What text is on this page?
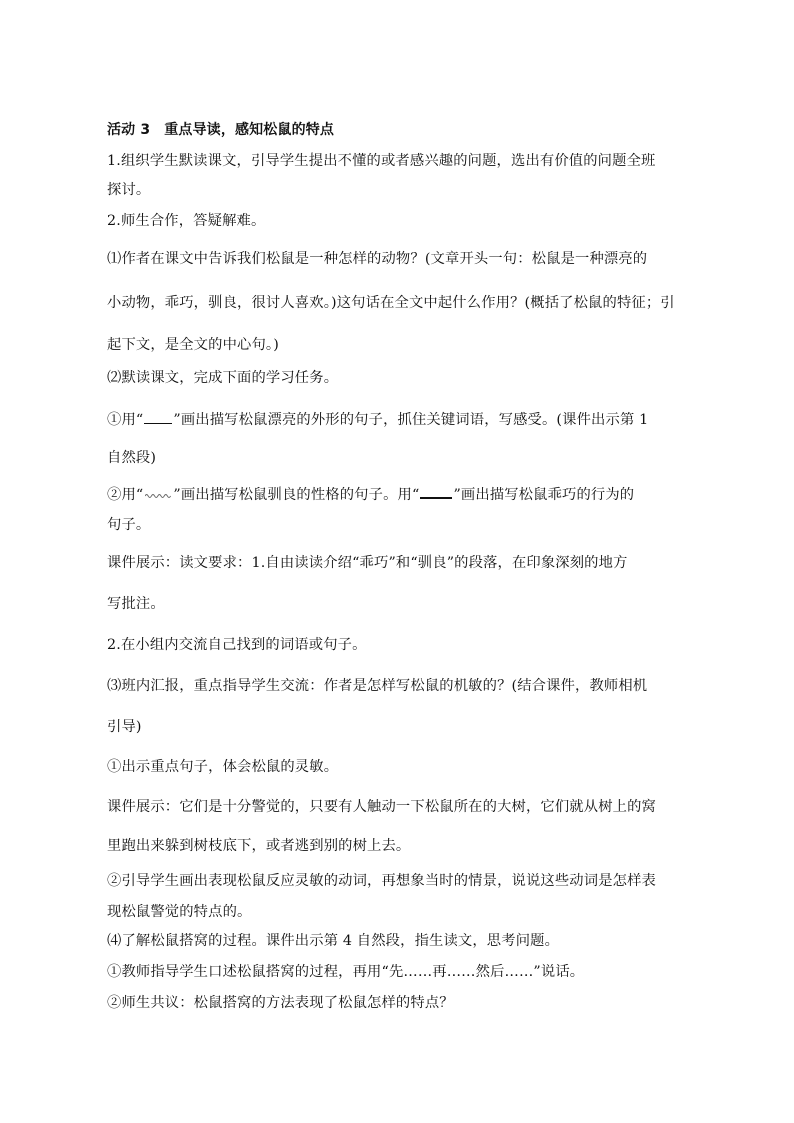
活动 3 重点导读，感知松鼠的特点

1.组织学生默读课文，引导学生提出不懂的或者感兴趣的问题，选出有价值的问题全班

探讨。

2.师生合作，答疑解难。

⑴作者在课文中告诉我们松鼠是一种怎样的动物？(文章开头一句：松鼠是一种漂亮的

小动物，乖巧，驯良，很讨人喜欢。)这句话在全文中起什么作用？(概括了松鼠的特征；引

起下文，是全文的中心句。)

⑵默读课文，完成下面的学习任务。

①用“ ”画出描写松鼠漂亮的外形的句子，抓住关键词语，写感受。(课件出示第 1

自然段)

②用“ ”画出描写松鼠驯良的性格的句子。用“ ”画出描写松鼠乖巧的行为的

句子。

课件展示：读文要求：1.自由读读介绍“乖巧”和“驯良”的段落，在印象深刻的地方

写批注。

2.在小组内交流自己找到的词语或句子。

⑶班内汇报，重点指导学生交流：作者是怎样写松鼠的机敏的？(结合课件，教师相机

引导)

①出示重点句子，体会松鼠的灵敏。

课件展示：它们是十分警觉的，只要有人触动一下松鼠所在的大树，它们就从树上的窝

里跑出来躲到树枝底下，或者逃到别的树上去。

②引导学生画出表现松鼠反应灵敏的动词，再想象当时的情景，说说这些动词是怎样表

现松鼠警觉的特点的。

⑷了解松鼠搭窝的过程。课件出示第 4 自然段，指生读文，思考问题。

①教师指导学生口述松鼠搭窝的过程，再用“先……再……然后……”说话。

②师生共议：松鼠搭窝的方法表现了松鼠怎样的特点？
